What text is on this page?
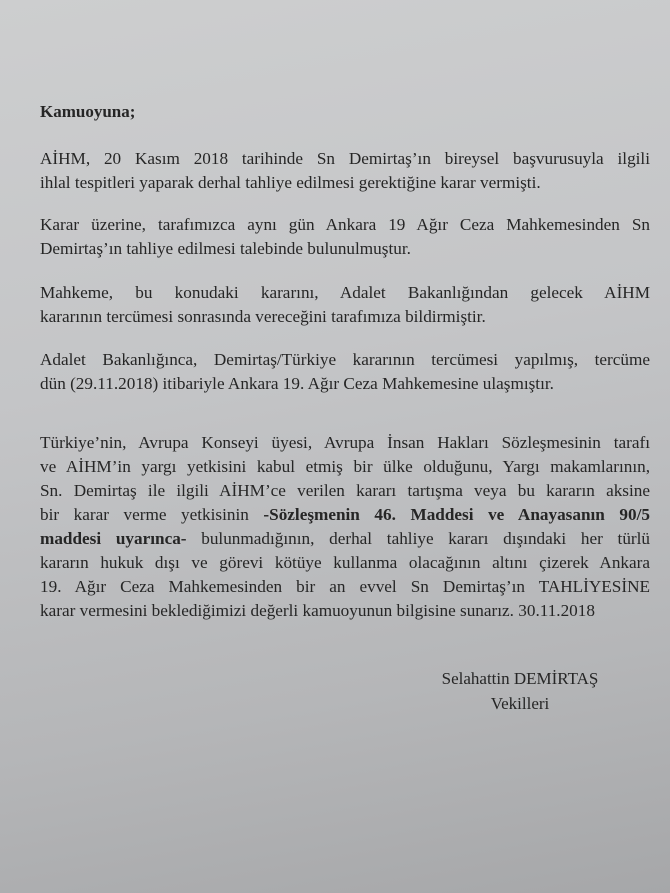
Kamuoyuna;
AİHM, 20 Kasım 2018 tarihinde Sn Demirtaş’ın bireysel başvurusuyla ilgili
ihlal tespitleri yaparak derhal tahliye edilmesi gerektiğine karar vermişti.
Karar üzerine, tarafımızca aynı gün Ankara 19 Ağır Ceza Mahkemesinden Sn
Demirtaş’ın tahliye edilmesi talebinde bulunulmuştur.
Mahkeme, bu konudaki kararını, Adalet Bakanlığından gelecek AİHM
kararının tercümesi sonrasında vereceğini tarafımıza bildirmiştir.
Adalet Bakanlığınca, Demirtaş/Türkiye kararının tercümesi yapılmış, tercüme
dün (29.11.2018) itibariyle Ankara 19. Ağır Ceza Mahkemesine ulaşmıştır.
Türkiye’nin, Avrupa Konseyi üyesi, Avrupa İnsan Hakları Sözleşmesinin tarafı
ve AİHM’in yargı yetkisini kabul etmiş bir ülke olduğunu, Yargı makamlarının,
Sn. Demirtaş ile ilgili AİHM’ce verilen kararı tartışma veya bu kararın aksine
bir karar verme yetkisinin -Sözleşmenin 46. Maddesi ve Anayasanın 90/5
maddesi uyarınca- bulunmadığının, derhal tahliye kararı dışındaki her türlü
kararın hukuk dışı ve görevi kötüye kullanma olacağının altını çizerek Ankara
19. Ağır Ceza Mahkemesinden bir an evvel Sn Demirtaş’ın TAHLİYESİNE
karar vermesini beklediğimizi değerli kamuoyunun bilgisine sunarız. 30.11.2018
Selahattin DEMİRTAŞ
Vekilleri
